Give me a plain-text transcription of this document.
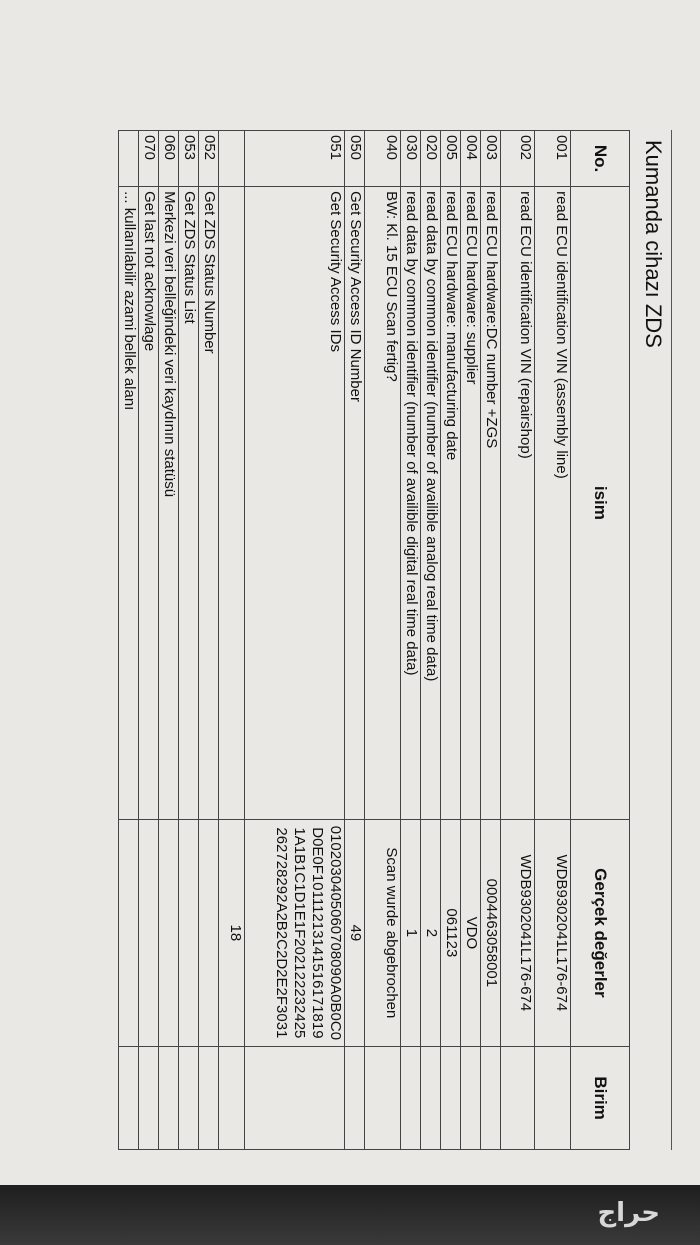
Kumanda cihazı ZDS
No.	isim	Gerçek değerler	Birim
001	read ECU identification VIN (assembly line)	WDB9302041L176-674	
002	read ECU identification VIN (repairshop)	WDB9302041L176-674	
003	read ECU hardware:DC number +ZGS	0004463058001	
004	read ECU hardware: supplier	VDO	
005	read ECU hardware: manufacturing date	061123	
020	read data by common identifier (number of availible analog real time data)	2	
030	read data by common identifier (number of availible digital real time data)	1	
040	BW: Kl. 15 ECU Scan fertig?	Scan wurde abgebrochen	
050	Get Security Access ID Number	49	
051	Get Security Access IDs	0102030405060708090A0B0C0D0E0F101112131415161718191A1B1C1D1E1F202122232425262728292A2B2C2D2E2F3031	
		18	
052	Get ZDS Status Number		
053	Get ZDS Status List		
060	Merkezi veri belleğindeki veri kaydının statüsü		
070	Get last not acknowlage		
	... kullanılabilir azami bellek alanı		
حراج
